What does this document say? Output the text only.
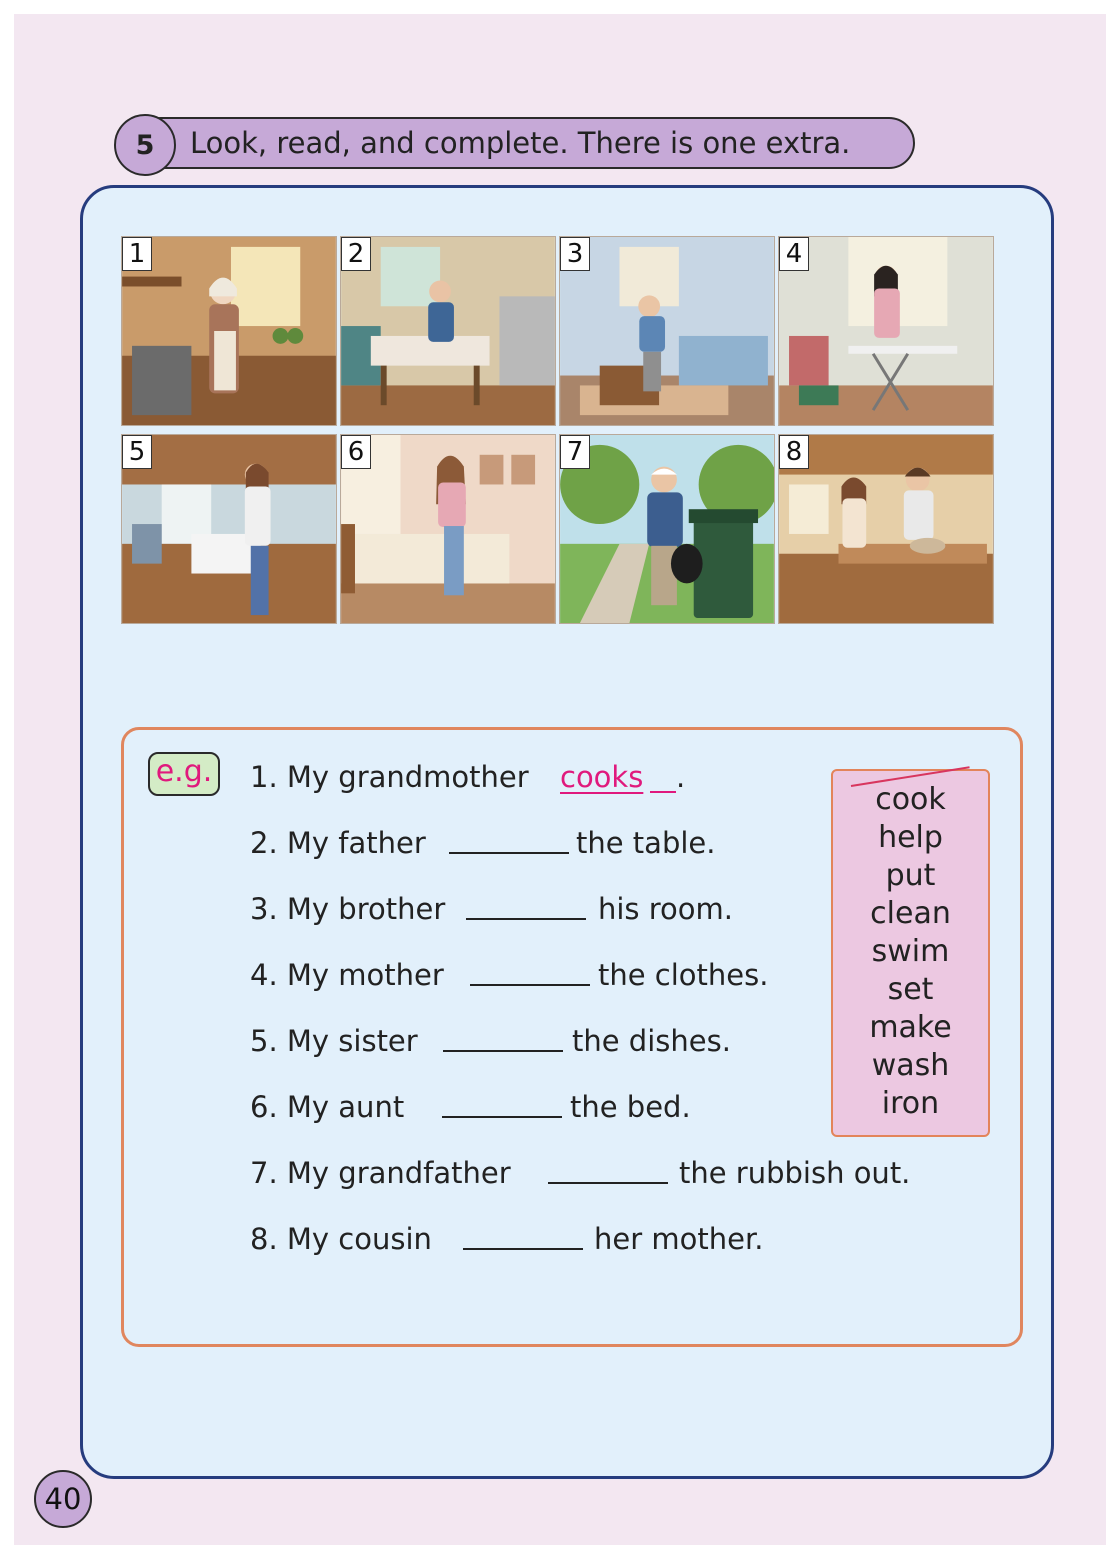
Look, read, and complete. There is one extra.
5
1	2	3	4
5	6	7	8
e.g. 1. My grandmother cooks .
2. My father	the table.
3. My brother	his room.
4. My mother	the clothes.
5. My sister	the dishes.
6. My aunt	the bed.
7. My grandfather	the rubbish out.
8. My cousin	her mother.
cook
help
put
clean
swim
set
make
wash
iron
40
